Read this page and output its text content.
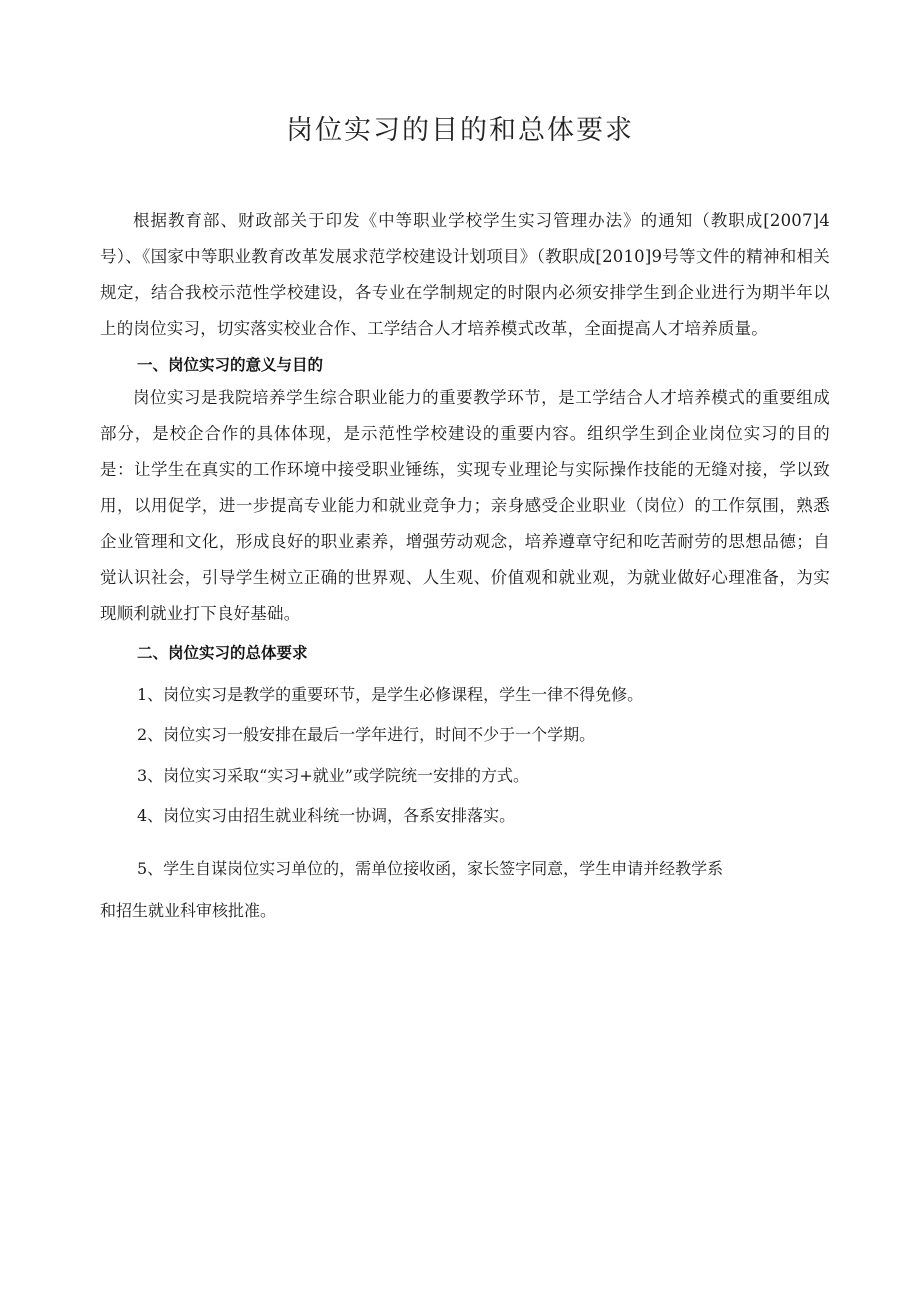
岗位实习的目的和总体要求

根据教育部、财政部关于印发《中等职业学校学生实习管理办法》的通知（教职成[2007]4号）、《国家中等职业教育改革发展求范学校建设计划项目》（教职成[2010]9号等文件的精神和相关规定，结合我校示范性学校建设，各专业在学制规定的时限内必须安排学生到企业进行为期半年以上的岗位实习，切实落实校业合作、工学结合人才培养模式改革，全面提高人才培养质量。

一、岗位实习的意义与目的

岗位实习是我院培养学生综合职业能力的重要教学环节，是工学结合人才培养模式的重要组成部分，是校企合作的具体体现，是示范性学校建设的重要内容。组织学生到企业岗位实习的目的是：让学生在真实的工作环境中接受职业锤练，实现专业理论与实际操作技能的无缝对接，学以致用，以用促学，进一步提高专业能力和就业竞争力；亲身感受企业职业（岗位）的工作氛围，熟悉企业管理和文化，形成良好的职业素养，增强劳动观念，培养遵章守纪和吃苦耐劳的思想品德；自觉认识社会，引导学生树立正确的世界观、人生观、价值观和就业观，为就业做好心理准备，为实现顺利就业打下良好基础。

二、岗位实习的总体要求

1、岗位实习是教学的重要环节，是学生必修课程，学生一律不得免修。

2、岗位实习一般安排在最后一学年进行，时间不少于一个学期。

3、岗位实习采取“实习+就业”或学院统一安排的方式。

4、岗位实习由招生就业科统一协调，各系安排落实。

5、学生自谋岗位实习单位的，需单位接收函，家长签字同意，学生申请并经教学系
和招生就业科审核批准。
